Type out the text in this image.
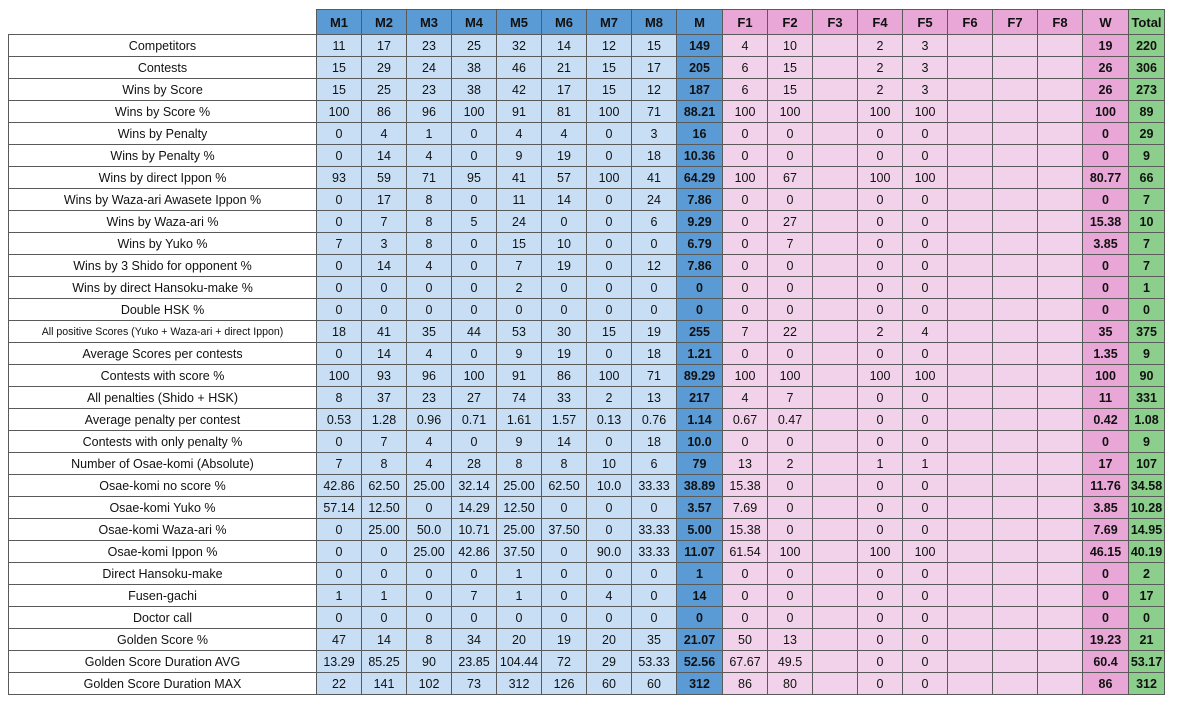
	M1	M2	M3	M4	M5	M6	M7	M8	M	F1	F2	F3	F4	F5	F6	F7	F8	W	Total
Competitors	11	17	23	25	32	14	12	15	149	4	10		2	3				19	220
Contests	15	29	24	38	46	21	15	17	205	6	15		2	3				26	306
Wins by Score	15	25	23	38	42	17	15	12	187	6	15		2	3				26	273
Wins by Score %	100	86	96	100	91	81	100	71	88.21	100	100		100	100				100	89
Wins by Penalty	0	4	1	0	4	4	0	3	16	0	0		0	0				0	29
Wins by Penalty %	0	14	4	0	9	19	0	18	10.36	0	0		0	0				0	9
Wins by direct Ippon %	93	59	71	95	41	57	100	41	64.29	100	67		100	100				80.77	66
Wins by Waza-ari Awasete Ippon %	0	17	8	0	11	14	0	24	7.86	0	0		0	0				0	7
Wins by Waza-ari %	0	7	8	5	24	0	0	6	9.29	0	27		0	0				15.38	10
Wins by Yuko %	7	3	8	0	15	10	0	0	6.79	0	7		0	0				3.85	7
Wins by 3 Shido for opponent %	0	14	4	0	7	19	0	12	7.86	0	0		0	0				0	7
Wins by direct Hansoku-make %	0	0	0	0	2	0	0	0	0	0	0		0	0				0	1
Double HSK %	0	0	0	0	0	0	0	0	0	0	0		0	0				0	0
All positive Scores (Yuko + Waza-ari + direct Ippon)	18	41	35	44	53	30	15	19	255	7	22		2	4				35	375
Average Scores per contests	0	14	4	0	9	19	0	18	1.21	0	0		0	0				1.35	9
Contests with score %	100	93	96	100	91	86	100	71	89.29	100	100		100	100				100	90
All penalties (Shido + HSK)	8	37	23	27	74	33	2	13	217	4	7		0	0				11	331
Average penalty per contest	0.53	1.28	0.96	0.71	1.61	1.57	0.13	0.76	1.14	0.67	0.47		0	0				0.42	1.08
Contests with only penalty %	0	7	4	0	9	14	0	18	10.0	0	0		0	0				0	9
Number of Osae-komi (Absolute)	7	8	4	28	8	8	10	6	79	13	2		1	1				17	107
Osae-komi no score %	42.86	62.50	25.00	32.14	25.00	62.50	10.0	33.33	38.89	15.38	0		0	0				11.76	34.58
Osae-komi Yuko %	57.14	12.50	0	14.29	12.50	0	0	0	3.57	7.69	0		0	0				3.85	10.28
Osae-komi Waza-ari %	0	25.00	50.0	10.71	25.00	37.50	0	33.33	5.00	15.38	0		0	0				7.69	14.95
Osae-komi Ippon %	0	0	25.00	42.86	37.50	0	90.0	33.33	11.07	61.54	100		100	100				46.15	40.19
Direct Hansoku-make	0	0	0	0	1	0	0	0	1	0	0		0	0				0	2
Fusen-gachi	1	1	0	7	1	0	4	0	14	0	0		0	0				0	17
Doctor call	0	0	0	0	0	0	0	0	0	0	0		0	0				0	0
Golden Score %	47	14	8	34	20	19	20	35	21.07	50	13		0	0				19.23	21
Golden Score Duration AVG	13.29	85.25	90	23.85	104.44	72	29	53.33	52.56	67.67	49.5		0	0				60.4	53.17
Golden Score Duration MAX	22	141	102	73	312	126	60	60	312	86	80		0	0				86	312
